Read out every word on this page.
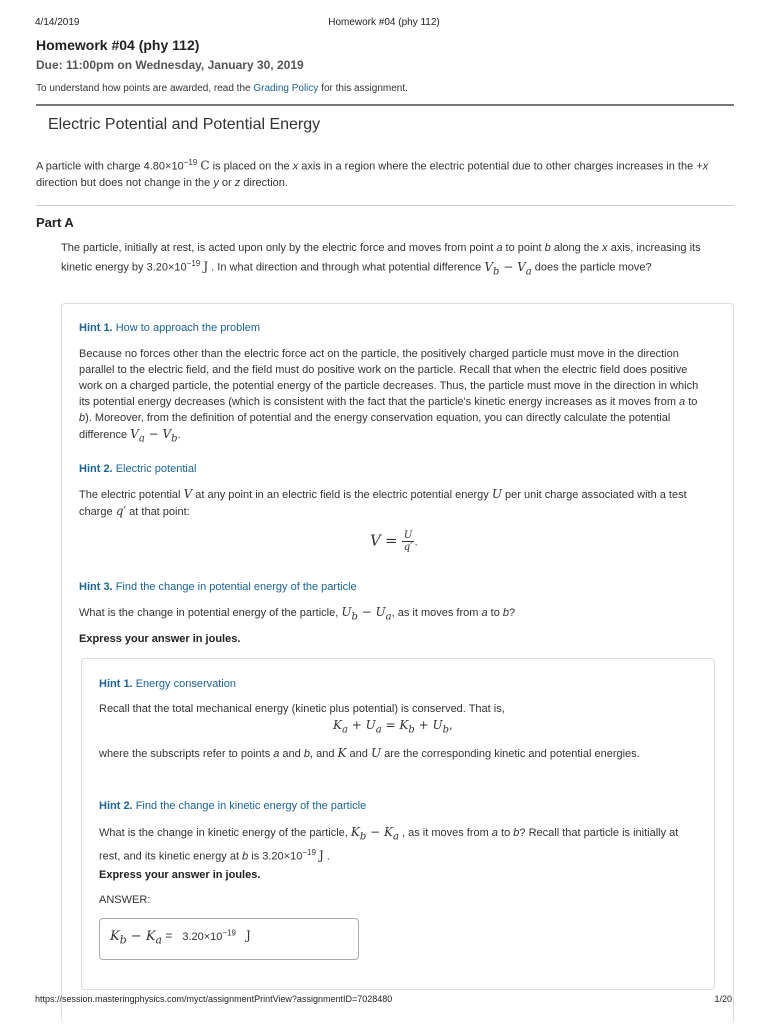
4/14/2019	Homework #04 (phy 112)
Homework #04 (phy 112)
Due: 11:00pm on Wednesday, January 30, 2019
To understand how points are awarded, read the Grading Policy for this assignment.
Electric Potential and Potential Energy
A particle with charge $4.80\times 10^{-19}$ C is placed on the x axis in a region where the electric potential due to other charges increases in the +x direction but does not change in the y or z direction.
Part A
The particle, initially at rest, is acted upon only by the electric force and moves from point a to point b along the x axis, increasing its kinetic energy by $3.20\times 10^{-19}$ J . In what direction and through what potential difference $V_b - V_a$ does the particle move?
Hint 1. How to approach the problem
Because no forces other than the electric force act on the particle, the positively charged particle must move in the direction parallel to the electric field, and the field must do positive work on the particle. Recall that when the electric field does positive work on a charged particle, the potential energy of the particle decreases. Thus, the particle must move in the direction in which its potential energy decreases (which is consistent with the fact that the particle's kinetic energy increases as it moves from a to b). Moreover, from the definition of potential and the energy conservation equation, you can directly calculate the potential difference $V_a - V_b$.
Hint 2. Electric potential
The electric potential V at any point in an electric field is the electric potential energy U per unit charge associated with a test charge q′ at that point:
$V = \frac{U}{q'}$ .
Hint 3. Find the change in potential energy of the particle
What is the change in potential energy of the particle, $U_b - U_a$, as it moves from a to b?
Express your answer in joules.
Hint 1. Energy conservation
Recall that the total mechanical energy (kinetic plus potential) is conserved. That is,
$K_a + U_a = K_b + U_b$,
where the subscripts refer to points a and b, and K and U are the corresponding kinetic and potential energies.
Hint 2. Find the change in kinetic energy of the particle
What is the change in kinetic energy of the particle, $K_b - K_a$ , as it moves from a to b? Recall that particle is initially at rest, and its kinetic energy at b is $3.20\times 10^{-19}$ J .
Express your answer in joules.
ANSWER:
$K_b - K_a = 3.20\times 10^{-19}$ J
https://session.masteringphysics.com/myct/assignmentPrintView?assignmentID=7028480	1/20
